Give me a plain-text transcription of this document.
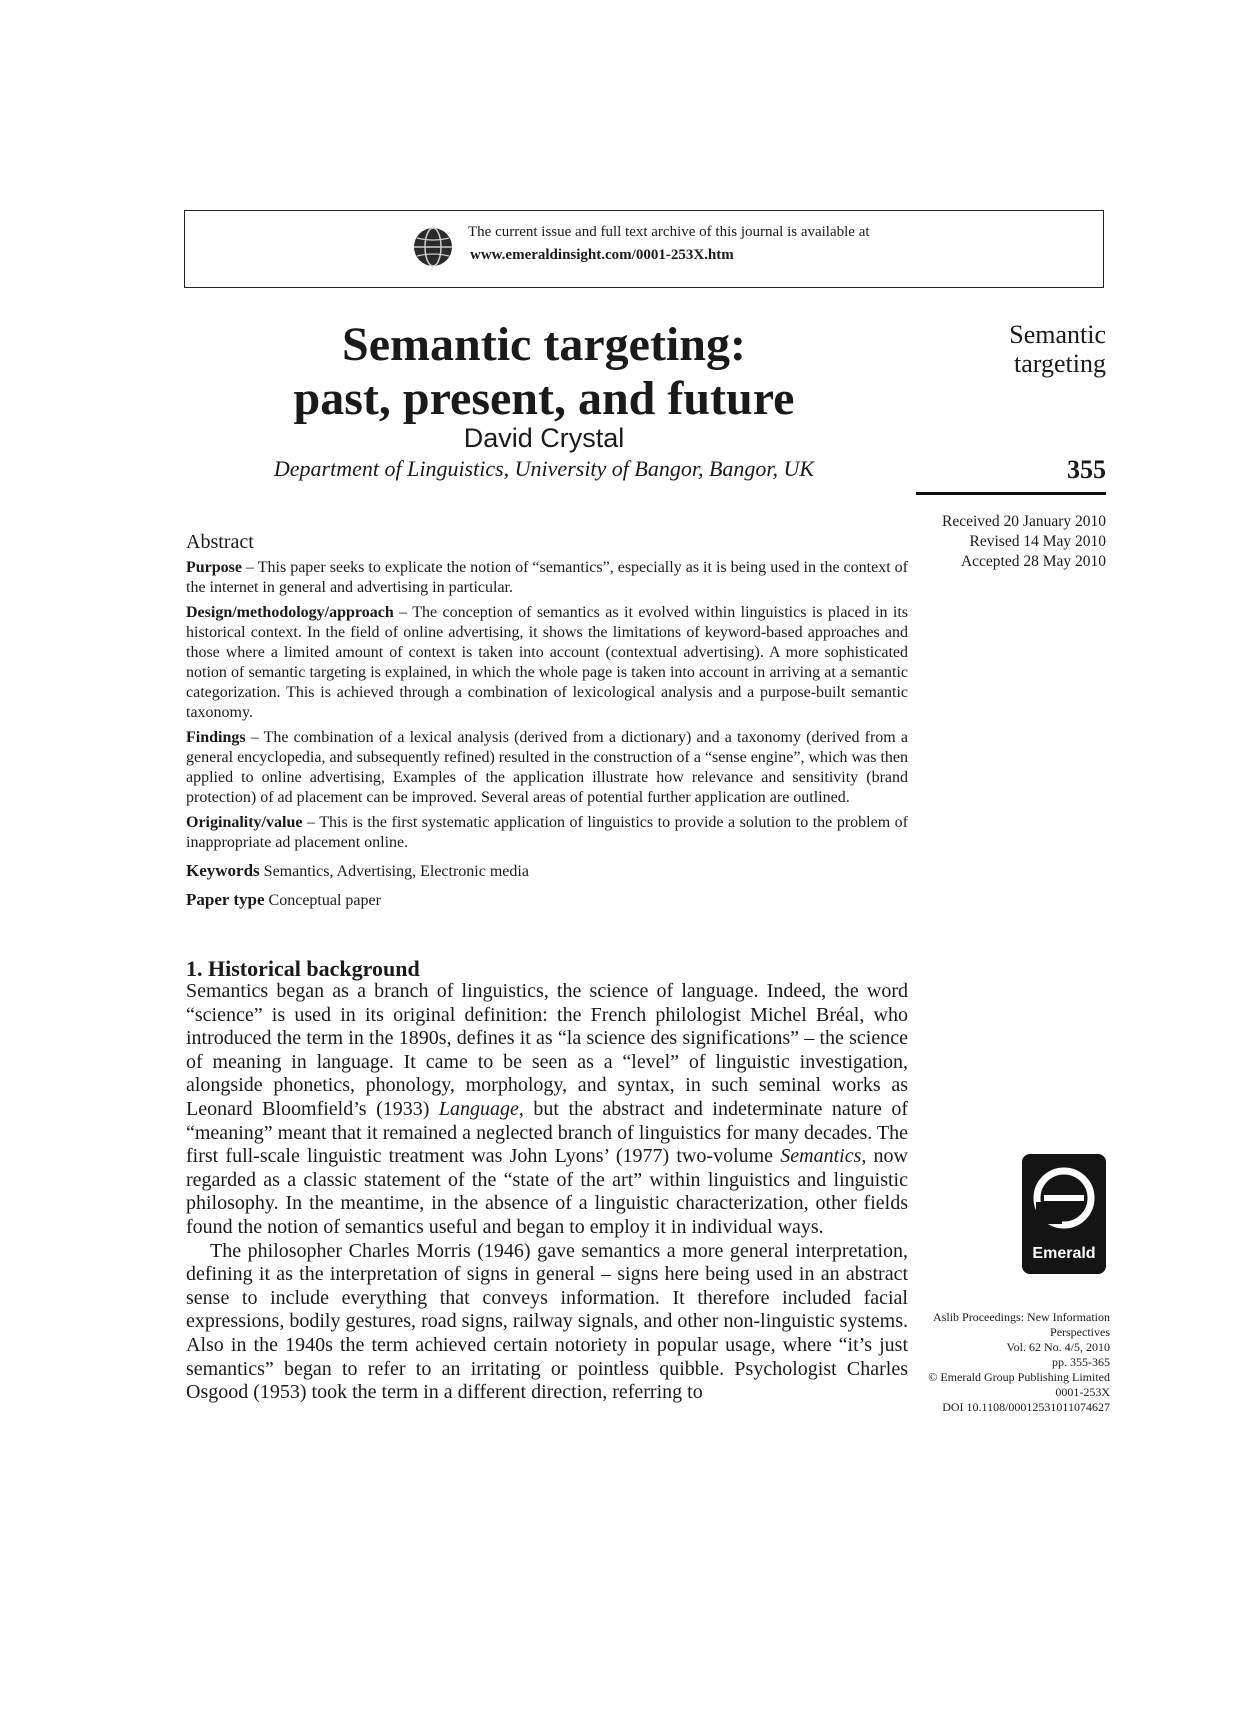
The current issue and full text archive of this journal is available at
www.emeraldinsight.com/0001-253X.htm
Semantic targeting:
past, present, and future
David Crystal
Department of Linguistics, University of Bangor, Bangor, UK
Semantic
targeting
355
Received 20 January 2010
Revised 14 May 2010
Accepted 28 May 2010
Abstract

Purpose – This paper seeks to explicate the notion of “semantics”, especially as it is being used in the context of the internet in general and advertising in particular.

Design/methodology/approach – The conception of semantics as it evolved within linguistics is placed in its historical context. In the field of online advertising, it shows the limitations of keyword-based approaches and those where a limited amount of context is taken into account (contextual advertising). A more sophisticated notion of semantic targeting is explained, in which the whole page is taken into account in arriving at a semantic categorization. This is achieved through a combination of lexicological analysis and a purpose-built semantic taxonomy.

Findings – The combination of a lexical analysis (derived from a dictionary) and a taxonomy (derived from a general encyclopedia, and subsequently refined) resulted in the construction of a “sense engine”, which was then applied to online advertising, Examples of the application illustrate how relevance and sensitivity (brand protection) of ad placement can be improved. Several areas of potential further application are outlined.

Originality/value – This is the first systematic application of linguistics to provide a solution to the problem of inappropriate ad placement online.

Keywords Semantics, Advertising, Electronic media

Paper type Conceptual paper

1. Historical background

Semantics began as a branch of linguistics, the science of language. Indeed, the word “science” is used in its original definition: the French philologist Michel Bréal, who introduced the term in the 1890s, defines it as “la science des significations” – the science of meaning in language. It came to be seen as a “level” of linguistic investigation, alongside phonetics, phonology, morphology, and syntax, in such seminal works as Leonard Bloomfield’s (1933) Language, but the abstract and indeterminate nature of “meaning” meant that it remained a neglected branch of linguistics for many decades. The first full-scale linguistic treatment was John Lyons’ (1977) two-volume Semantics, now regarded as a classic statement of the “state of the art” within linguistics and linguistic philosophy. In the meantime, in the absence of a linguistic characterization, other fields found the notion of semantics useful and began to employ it in individual ways.

The philosopher Charles Morris (1946) gave semantics a more general interpretation, defining it as the interpretation of signs in general – signs here being used in an abstract sense to include everything that conveys information. It therefore included facial expressions, bodily gestures, road signs, railway signals, and other non-linguistic systems. Also in the 1940s the term achieved certain notoriety in popular usage, where “it’s just semantics” began to refer to an irritating or pointless quibble. Psychologist Charles Osgood (1953) took the term in a different direction, referring to

Emerald
Aslib Proceedings: New Information
Perspectives
Vol. 62 No. 4/5, 2010
pp. 355-365
© Emerald Group Publishing Limited
0001-253X
DOI 10.1108/00012531011074627
